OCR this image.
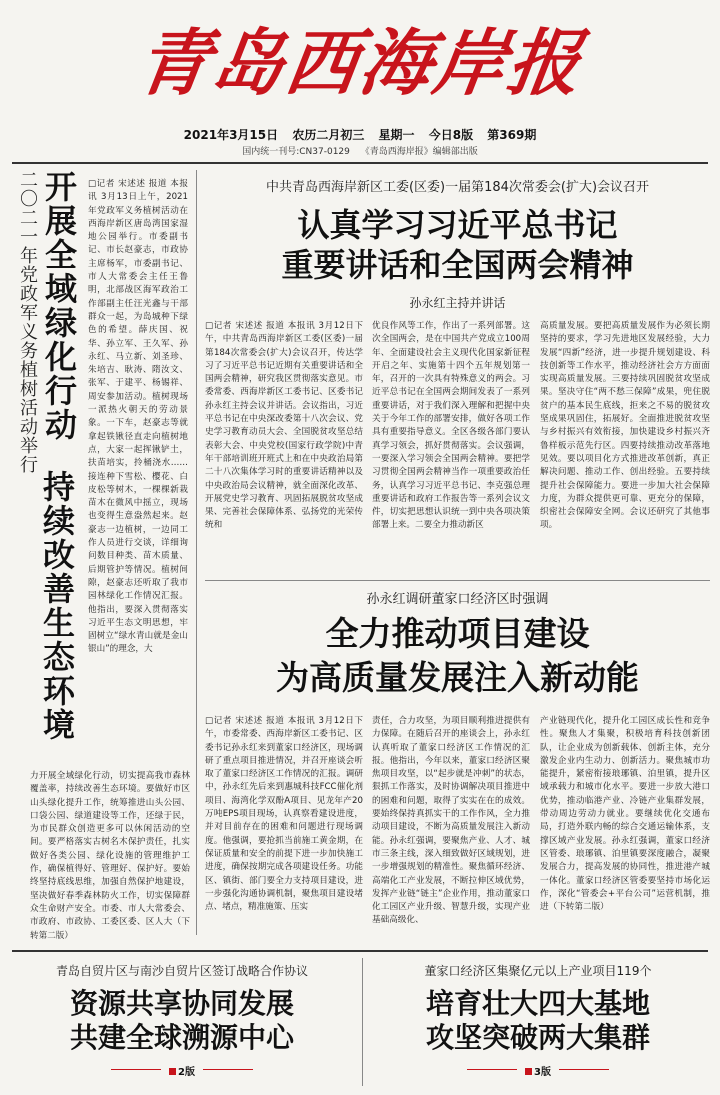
青岛西海岸报
2021年3月15日 农历二月初三 星期一 今日8版 第369期
国内统一刊号:CN37-0129 《青岛西海岸报》编辑部出版
二〇二一年党政军义务植树活动举行 开展全域绿化行动
持续改善生态环境
□记者 宋述述 报道 本报讯 3月13日上午，2021年党政军义务植树活动在西海岸新区唐岛湾国家湿地公园举行。市委副书记、市长赵豪志，市政协主席杨军，市委副书记、市人大常委会主任王鲁明，北部战区海军政治工作部副主任汪光鑫与干部群众一起，为岛城种下绿色的希望。薛庆国、祝华、孙立军、王久军、孙永红、马立新、刘圣珍、朱培吉、耿涛、隋汝文、张军、于建平、杨锡祥、周安参加活动。植树现场一派热火朝天的劳动景象。一下车，赵豪志等就拿起铁锹径直走向植树地点，大家一起挥锹铲土，扶苗培实，拎桶浇水……接连种下雪松、樱花、白皮松等树木，一棵棵新栽苗木在微风中摇立，现场也变得生意盎然起来。赵豪志一边植树，一边同工作人员进行交谈，详细询问数目种类、苗木质量、后期管护等情况。植树间隙，赵豪志还听取了我市园林绿化工作情况汇报。他指出，要深入贯彻落实习近平生态文明思想，牢固树立“绿水青山就是金山银山”的理念，大
力开展全域绿化行动，切实提高我市森林覆盖率，持续改善生态环境。要做好市区山头绿化提升工作，统筹推进山头公园、口袋公园、绿道建设等工作，还绿于民，为市民群众创造更多可以休闲活动的空间。要严格落实古树名木保护责任，扎实做好各类公园、绿化设施的管理维护工作，确保植得好、管理好、保护好。要始终坚持底线思维，加强自然保护地建设，坚决做好春季森林防火工作，切实保障群众生命财产安全。市委、市人大常委会、市政府、市政协、工委区委、区人大（下转第二版）
中共青岛西海岸新区工委(区委)一届第184次常委会(扩大)会议召开
认真学习习近平总书记
重要讲话和全国两会精神
孙永红主持并讲话
□记者 宋述述 报道 本报讯 3月12日下午，中共青岛西海岸新区工委(区委)一届第184次常委会(扩大)会议召开，传达学习了习近平总书记近期有关重要讲话和全国两会精神，研究我区贯彻落实意见。市委常委、西海岸新区工委书记、区委书记孙永红主持会议并讲话。会议指出，习近平总书记在中央深改委第十八次会议、党史学习教育动员大会、全国脱贫攻坚总结表彰大会、中央党校(国家行政学院)中青年干部培训班开班式上和在中央政治局第二十八次集体学习时的重要讲话精神以及中央政治局会议精神，就全面深化改革、开展党史学习教育、巩固拓展脱贫攻坚成果、完善社会保障体系、弘扬党的光荣传统和
优良作风等工作，作出了一系列部署。这次全国两会，是在中国共产党成立100周年、全面建设社会主义现代化国家新征程开启之年、实施第十四个五年规划第一年，召开的一次具有特殊意义的两会。习近平总书记在全国两会期间发表了一系列重要讲话，对于我们深入理解和把握中央关于今年工作的部署安排，做好各项工作具有重要指导意义。全区各级各部门要认真学习领会，抓好贯彻落实。会议强调，一要深入学习领会全国两会精神。要把学习贯彻全国两会精神当作一项重要政治任务，认真学习习近平总书记、李克强总理重要讲话和政府工作报告等一系列会议文件，切实把思想认识统一到中央各项决策部署上来。二要全力推动新区
高质量发展。要把高质量发展作为必须长期坚持的要求，学习先进地区发展经验，大力发展“四新”经济，进一步提升规划建设、科技创新等工作水平，推动经济社会方方面面实现高质量发展。三要持续巩固脱贫攻坚成果。坚决守住“两不愁三保障”成果，兜住脱贫户的基本民生底线，拒来之不易的脱贫攻坚成果巩固住，拓展好。全面推进脱贫攻坚与乡村振兴有效衔接，加快建设乡村振兴齐鲁样板示范先行区。四要持续推动改革落地见效。要以项目化方式推进改革创新，真正解决问题、推动工作、创出经验。五要持续提升社会保障能力。要进一步加大社会保障力度，为群众提供更可靠、更充分的保障，织密社会保障安全网。会议还研究了其他事项。
孙永红调研董家口经济区时强调
全力推动项目建设
为高质量发展注入新动能
□记者 宋述述 报道 本报讯 3月12日下午，市委常委、西海岸新区工委书记、区委书记孙永红来到董家口经济区，现场调研了重点项目推进情况，并召开座谈会听取了董家口经济区工作情况的汇报。调研中，孙永红先后来到惠城科技FCC催化剂项目、海湾化学双酚A项目、见龙年产20万吨EPS项目现场，认真察看建设进度，并对目前存在的困难和问题进行现场调度。他强调，要抢抓当前施工黄金期，在保证质量和安全的前提下进一步加快施工进度，确保按期完成各项建设任务。功能区、镇街、部门要全力支持项目建设，进一步强化沟通协调机制，聚焦项目建设堵点、堵点，精准施策、压实
责任，合力攻坚，为项目顺利推进提供有力保障。在随后召开的座谈会上，孙永红认真听取了董家口经济区工作情况的汇报。他指出，今年以来，董家口经济区聚焦项目攻坚，以“起步就是冲刺”的状态，狠抓工作落实，及时协调解决项目推进中的困难和问题，取得了实实在在的成效。要始终保持真抓实干的工作作风，全力推动项目建设，不断为高质量发展注入新动能。孙永红强调，要聚焦产业、人才、城市三条主线，深入细致做好区域规划，进一步增强规划的精准性。聚焦循环经济、高端化工产业发展，不断拉伸区域优势，发挥产业链“链主”企业作用，推动董家口化工园区产业升级、智慧升级，实现产业基础高级化、
产业链现代化，提升化工园区成长性和竞争性。聚焦人才集聚，积极培育科技创新团队，让企业成为创新载体、创新主体，充分激发企业内生动力、创新活力。聚焦城市功能提升，紧密衔接琅琊镇、泊里镇，提升区域承载力和城市化水平。要进一步放大港口优势，推动临港产业、冷链产业集群发展，带动周边劳动力就业。要继续优化交通布局，打造外联内畅的综合交通运输体系，支撑区域产业发展。孙永红强调，董家口经济区管委、琅琊镇、泊里镇要深度融合，凝聚发展合力，提高发展的协同性，推进港产城一体化。董家口经济区管委要坚持市场化运作，深化“管委会+平台公司”运营机制，推进（下转第二版）
青岛自贸片区与南沙自贸片区签订战略合作协议
资源共享协同发展
共建全球溯源中心
2版
董家口经济区集聚亿元以上产业项目119个
培育壮大四大基地
攻坚突破两大集群
3版
